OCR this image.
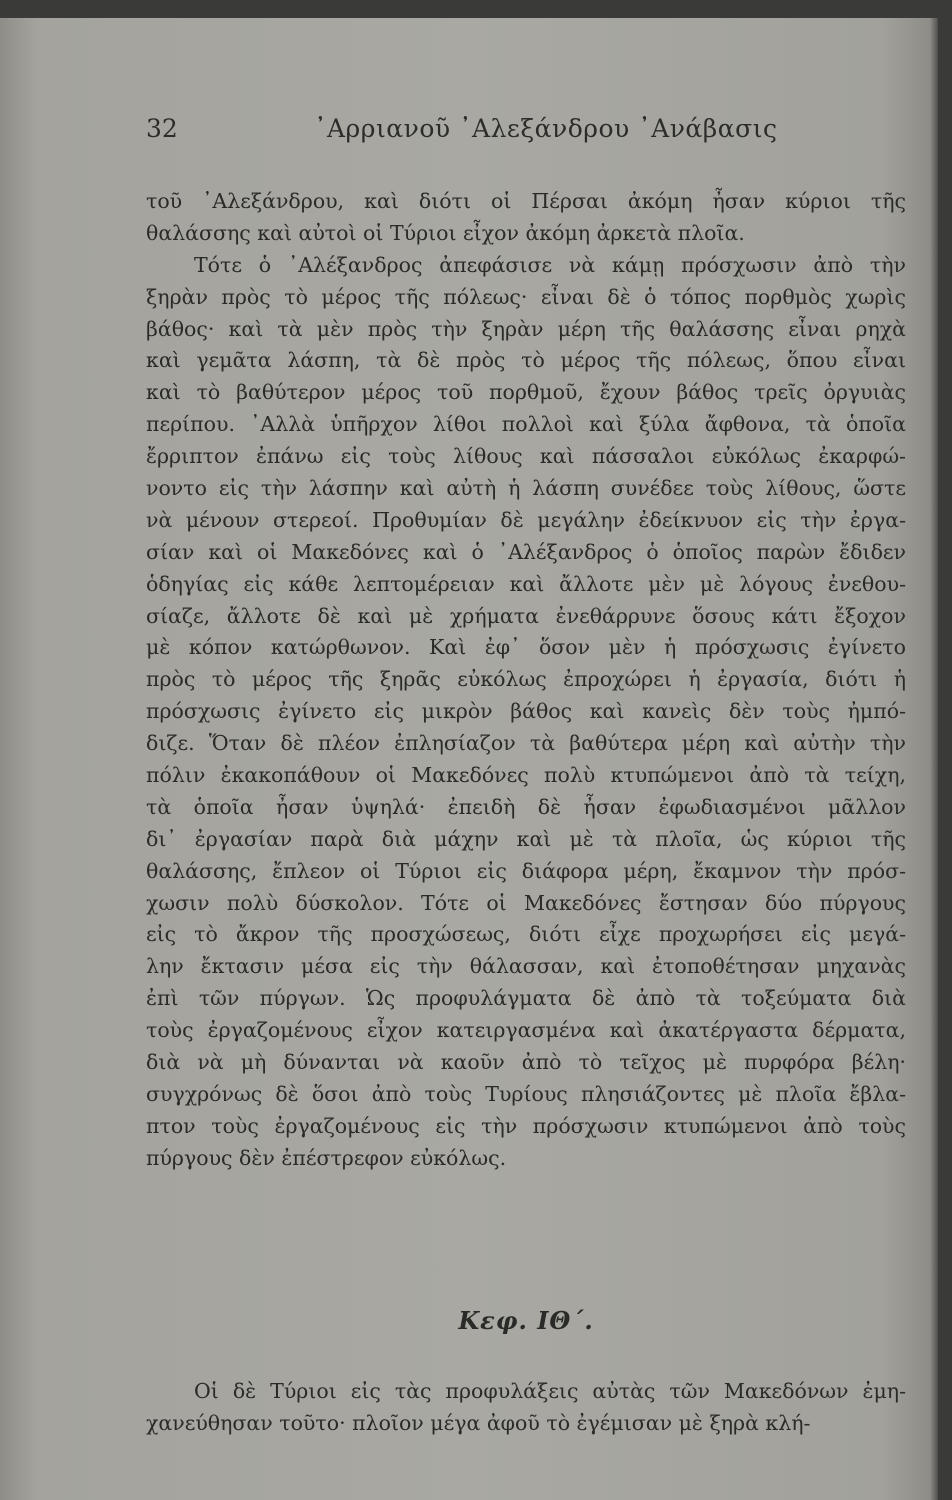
32	᾿Αρριανοῦ ᾿Αλεξάνδρου ᾿Ανάβασις
τοῦ ᾿Αλεξάνδρου, καὶ διότι οἱ Πέρσαι ἀκόμη ἦσαν κύριοι τῆς
θαλάσσης καὶ αὐτοὶ οἱ Τύριοι εἶχον ἀκόμη ἀρκετὰ πλοῖα.
Τότε ὁ ᾿Αλέξανδρος ἀπεφάσισε νὰ κάμῃ πρόσχωσιν ἀπὸ τὴν
ξηρὰν πρὸς τὸ μέρος τῆς πόλεως· εἶναι δὲ ὁ τόπος πορθμὸς χωρὶς
βάθος· καὶ τὰ μὲν πρὸς τὴν ξηρὰν μέρη τῆς θαλάσσης εἶναι ρηχὰ
καὶ γεμᾶτα λάσπη, τὰ δὲ πρὸς τὸ μέρος τῆς πόλεως, ὅπου εἶναι
καὶ τὸ βαθύτερον μέρος τοῦ πορθμοῦ, ἔχουν βάθος τρεῖς ὀργυιὰς
περίπου. ᾿Αλλὰ ὑπῆρχον λίθοι πολλοὶ καὶ ξύλα ἄφθονα, τὰ ὁποῖα
ἔρριπτον ἐπάνω εἰς τοὺς λίθους καὶ πάσσαλοι εὐκόλως ἐκαρφώ-
νοντο εἰς τὴν λάσπην καὶ αὐτὴ ἡ λάσπη συνέδεε τοὺς λίθους, ὥστε
νὰ μένουν στερεοί. Προθυμίαν δὲ μεγάλην ἐδείκνυον εἰς τὴν ἐργα-
σίαν καὶ οἱ Μακεδόνες καὶ ὁ ᾿Αλέξανδρος ὁ ὁποῖος παρὼν ἔδιδεν
ὁδηγίας εἰς κάθε λεπτομέρειαν καὶ ἄλλοτε μὲν μὲ λόγους ἐνεθου-
σίαζε, ἄλλοτε δὲ καὶ μὲ χρήματα ἐνεθάρρυνε ὅσους κάτι ἔξοχον
μὲ κόπον κατώρθωνον. Καὶ ἐφ᾿ ὅσον μὲν ἡ πρόσχωσις ἐγίνετο
πρὸς τὸ μέρος τῆς ξηρᾶς εὐκόλως ἐπροχώρει ἡ ἐργασία, διότι ἡ
πρόσχωσις ἐγίνετο εἰς μικρὸν βάθος καὶ κανεὶς δὲν τοὺς ἠμπό-
διζε. Ὅταν δὲ πλέον ἐπλησίαζον τὰ βαθύτερα μέρη καὶ αὐτὴν τὴν
πόλιν ἐκακοπάθουν οἱ Μακεδόνες πολὺ κτυπώμενοι ἀπὸ τὰ τείχη,
τὰ ὁποῖα ἦσαν ὑψηλά· ἐπειδὴ δὲ ἦσαν ἐφωδιασμένοι μᾶλλον
δι᾿ ἐργασίαν παρὰ διὰ μάχην καὶ μὲ τὰ πλοῖα, ὡς κύριοι τῆς
θαλάσσης, ἔπλεον οἱ Τύριοι εἰς διάφορα μέρη, ἔκαμνον τὴν πρόσ-
χωσιν πολὺ δύσκολον. Τότε οἱ Μακεδόνες ἔστησαν δύο πύργους
εἰς τὸ ἄκρον τῆς προσχώσεως, διότι εἶχε προχωρήσει εἰς μεγά-
λην ἔκτασιν μέσα εἰς τὴν θάλασσαν, καὶ ἐτοποθέτησαν μηχανὰς
ἐπὶ τῶν πύργων. Ὡς προφυλάγματα δὲ ἀπὸ τὰ τοξεύματα διὰ
τοὺς ἐργαζομένους εἶχον κατειργασμένα καὶ ἀκατέργαστα δέρματα,
διὰ νὰ μὴ δύνανται νὰ καοῦν ἀπὸ τὸ τεῖχος μὲ πυρφόρα βέλη·
συγχρόνως δὲ ὅσοι ἀπὸ τοὺς Τυρίους πλησιάζοντες μὲ πλοῖα ἔβλα-
πτον τοὺς ἐργαζομένους εἰς τὴν πρόσχωσιν κτυπώμενοι ἀπὸ τοὺς
πύργους δὲν ἐπέστρεφον εὐκόλως.
Κεφ. ΙΘ΄.
Οἱ δὲ Τύριοι εἰς τὰς προφυλάξεις αὐτὰς τῶν Μακεδόνων ἐμη-
χανεύθησαν τοῦτο· πλοῖον μέγα ἀφοῦ τὸ ἐγέμισαν μὲ ξηρὰ κλή-
